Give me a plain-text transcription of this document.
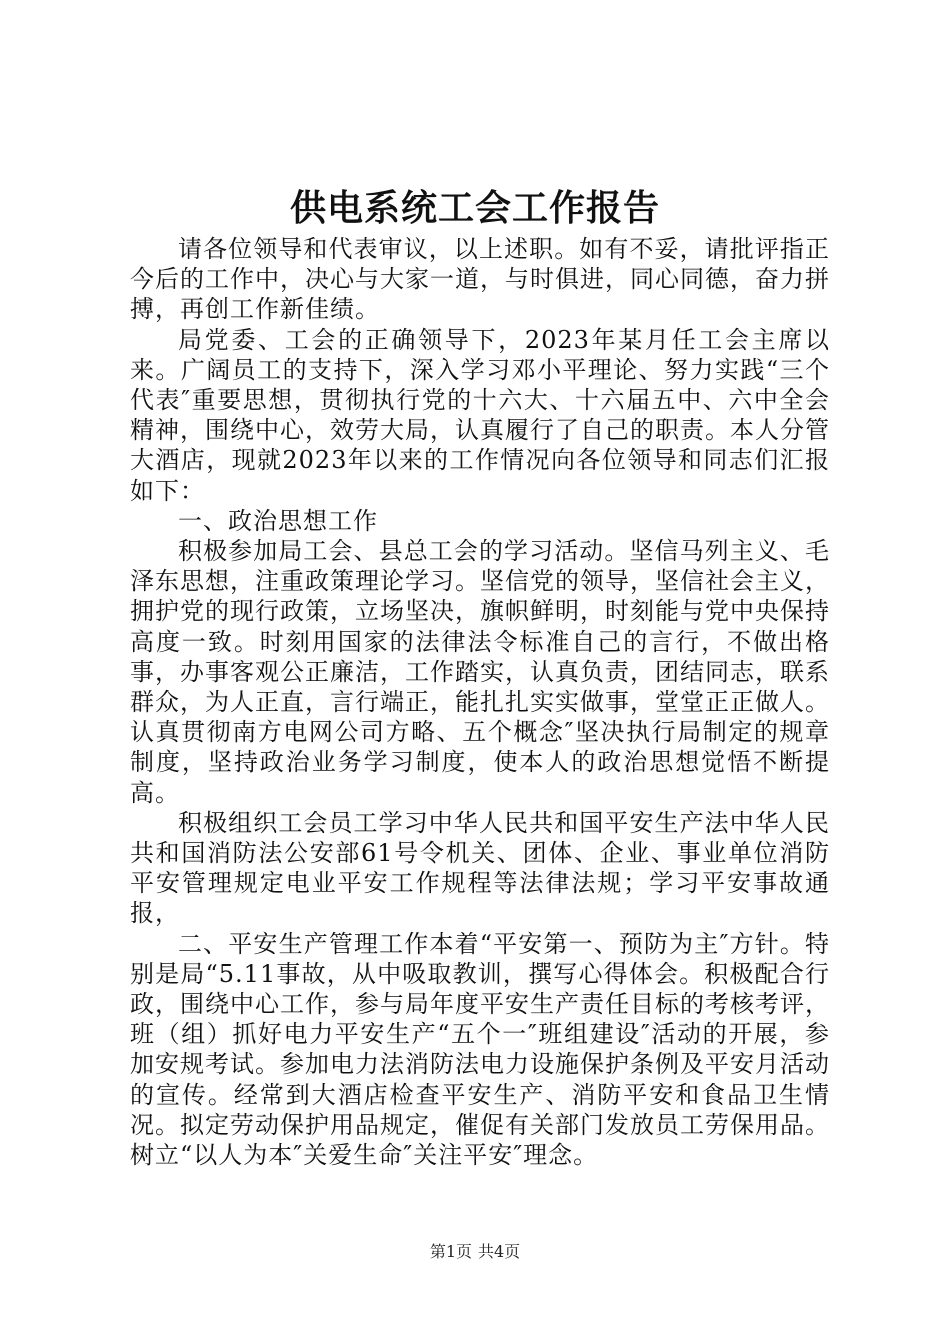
供电系统工会工作报告

请各位领导和代表审议，以上述职。如有不妥，请批评指正今后的工作中，决心与大家一道，与时俱进，同心同德，奋力拼搏，再创工作新佳绩。

局党委、工会的正确领导下，2023年某月任工会主席以来。广阔员工的支持下，深入学习邓小平理论、努力实践“三个代表″重要思想，贯彻执行党的十六大、十六届五中、六中全会精神，围绕中心，效劳大局，认真履行了自己的职责。本人分管大酒店，现就2023年以来的工作情况向各位领导和同志们汇报如下：

一、政治思想工作

积极参加局工会、县总工会的学习活动。坚信马列主义、毛泽东思想，注重政策理论学习。坚信党的领导，坚信社会主义，拥护党的现行政策，立场坚决，旗帜鲜明，时刻能与党中央保持高度一致。时刻用国家的法律法令标准自己的言行，不做出格事，办事客观公正廉洁，工作踏实，认真负责，团结同志，联系群众，为人正直，言行端正，能扎扎实实做事，堂堂正正做人。认真贯彻南方电网公司方略、五个概念″坚决执行局制定的规章制度，坚持政治业务学习制度，使本人的政治思想觉悟不断提高。

积极组织工会员工学习中华人民共和国平安生产法中华人民共和国消防法公安部61号令机关、团体、企业、事业单位消防平安管理规定电业平安工作规程等法律法规；学习平安事故通报，

二、平安生产管理工作本着“平安第一、预防为主″方针。特别是局“5.11事故，从中吸取教训，撰写心得体会。积极配合行政，围绕中心工作，参与局年度平安生产责任目标的考核考评，班（组）抓好电力平安生产“五个一″班组建设″活动的开展，参加安规考试。参加电力法消防法电力设施保护条例及平安月活动的宣传。经常到大酒店检查平安生产、消防平安和食品卫生情况。拟定劳动保护用品规定，催促有关部门发放员工劳保用品。树立“以人为本″关爱生命″关注平安″理念。

第1页 共4页
